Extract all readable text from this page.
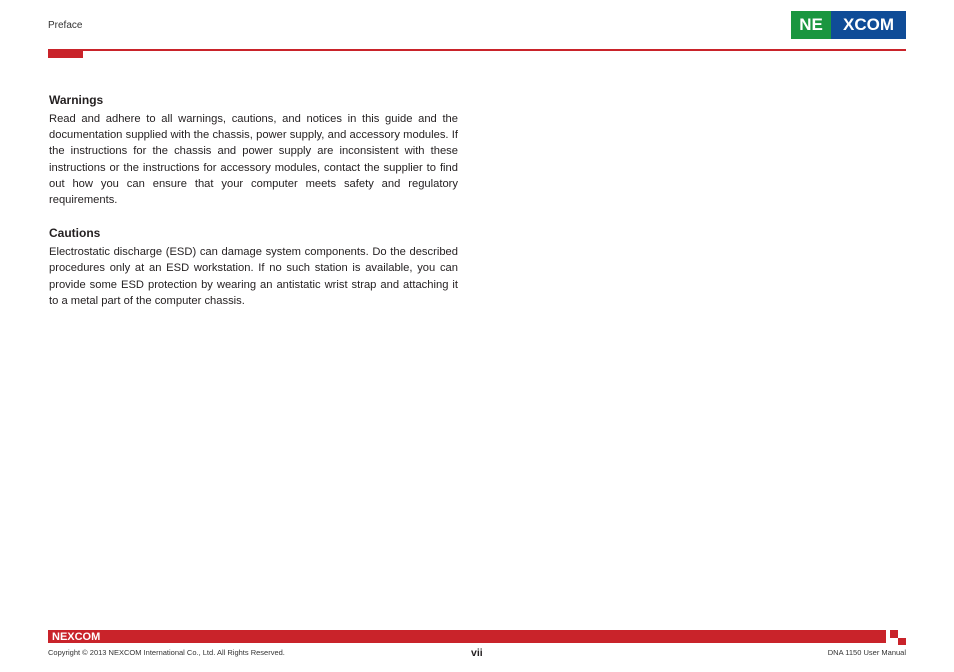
Preface	NE	XCOM
Warnings

Read and adhere to all warnings, cautions, and notices in this guide and the documentation supplied with the chassis, power supply, and accessory modules. If the instructions for the chassis and power supply are inconsistent with these instructions or the instructions for accessory modules, contact the supplier to find out how you can ensure that your computer meets safety and regulatory requirements.

Cautions

Electrostatic discharge (ESD) can damage system components. Do the described procedures only at an ESD workstation. If no such station is available, you can provide some ESD protection by wearing an antistatic wrist strap and attaching it to a metal part of the computer chassis.

NEXCOM
Copyright © 2013 NEXCOM International Co., Ltd. All Rights Reserved.	vii	DNA 1150 User Manual
